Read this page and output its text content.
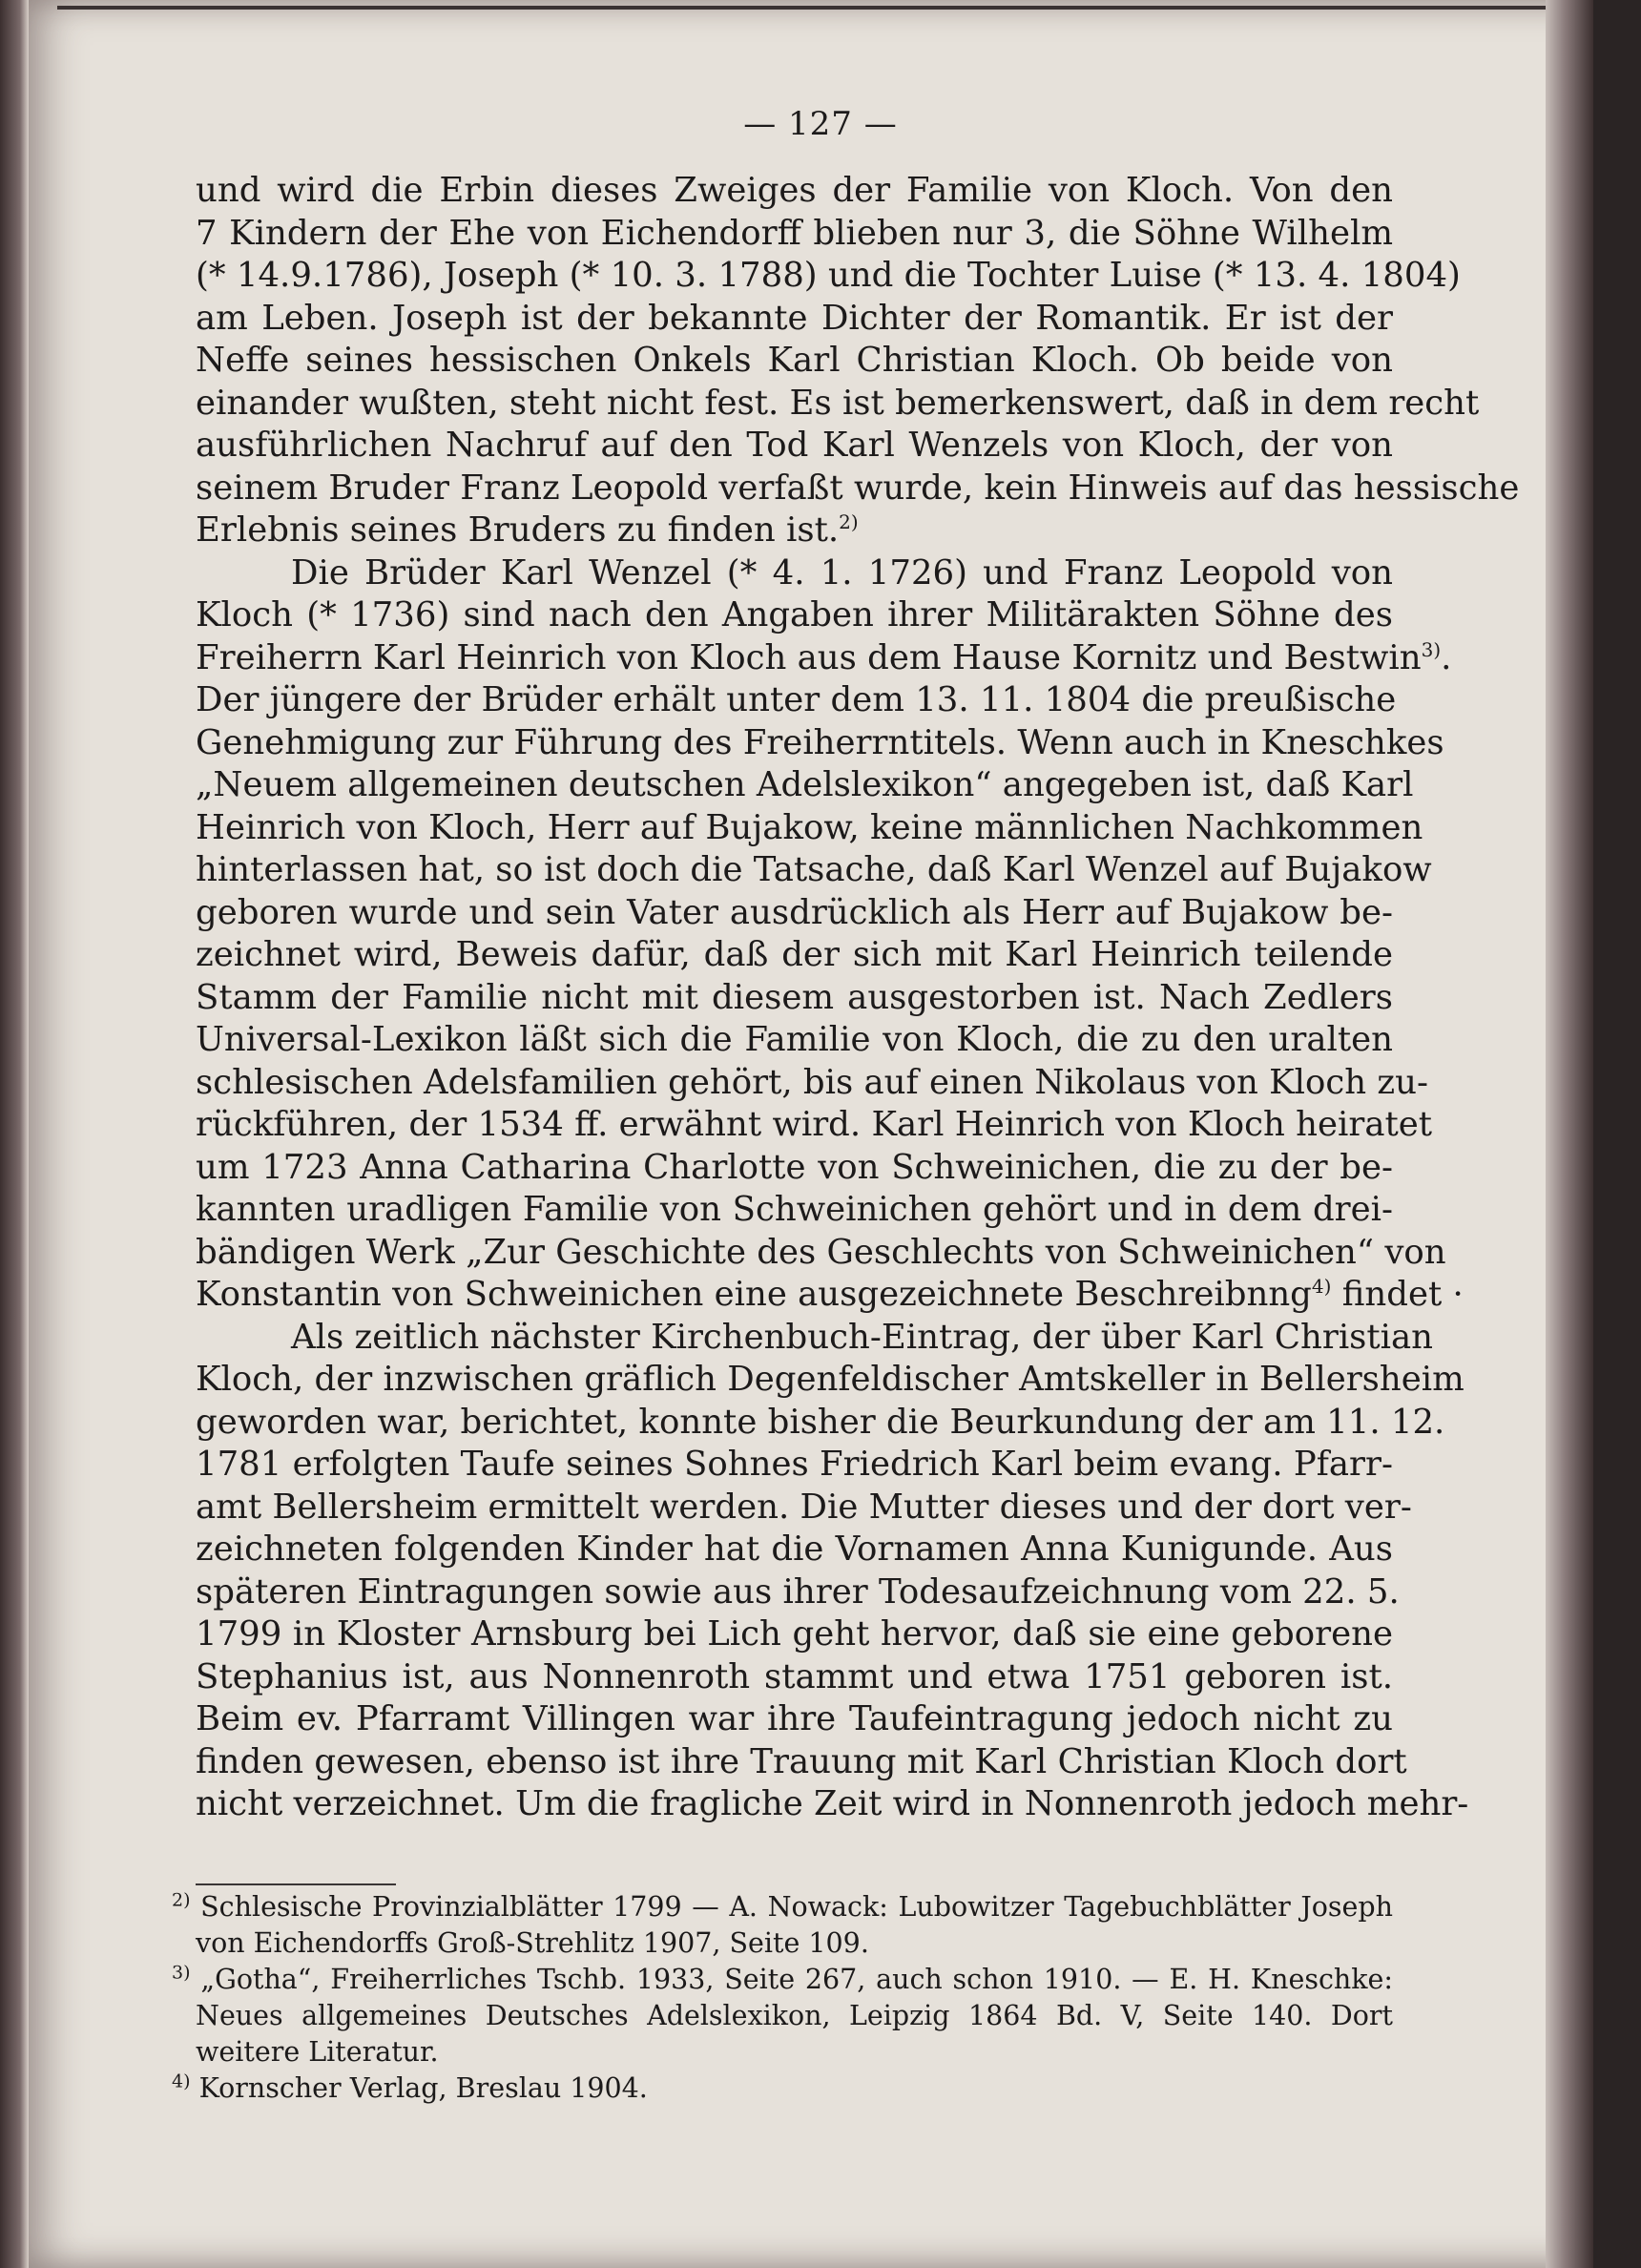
— 127 —
und wird die Erbin dieses Zweiges der Familie von Kloch. Von den
7 Kindern der Ehe von Eichendorff blieben nur 3, die Söhne Wilhelm
(* 14.9.1786), Joseph (* 10. 3. 1788) und die Tochter Luise (* 13. 4. 1804)
am Leben. Joseph ist der bekannte Dichter der Romantik. Er ist der
Neffe seines hessischen Onkels Karl Christian Kloch. Ob beide von
einander wußten, steht nicht fest. Es ist bemerkenswert, daß in dem recht
ausführlichen Nachruf auf den Tod Karl Wenzels von Kloch, der von
seinem Bruder Franz Leopold verfaßt wurde, kein Hinweis auf das hessische
Erlebnis seines Bruders zu finden ist.$^{2)}$
Die Brüder Karl Wenzel (* 4. 1. 1726) und Franz Leopold von
Kloch (* 1736) sind nach den Angaben ihrer Militärakten Söhne des
Freiherrn Karl Heinrich von Kloch aus dem Hause Kornitz und Bestwin$^{3)}$.
Der jüngere der Brüder erhält unter dem 13. 11. 1804 die preußische
Genehmigung zur Führung des Freiherrntitels. Wenn auch in Kneschkes
„Neuem allgemeinen deutschen Adelslexikon“ angegeben ist, daß Karl
Heinrich von Kloch, Herr auf Bujakow, keine männlichen Nachkommen
hinterlassen hat, so ist doch die Tatsache, daß Karl Wenzel auf Bujakow
geboren wurde und sein Vater ausdrücklich als Herr auf Bujakow be-
zeichnet wird, Beweis dafür, daß der sich mit Karl Heinrich teilende
Stamm der Familie nicht mit diesem ausgestorben ist. Nach Zedlers
Universal-Lexikon läßt sich die Familie von Kloch, die zu den uralten
schlesischen Adelsfamilien gehört, bis auf einen Nikolaus von Kloch zu-
rückführen, der 1534 ff. erwähnt wird. Karl Heinrich von Kloch heiratet
um 1723 Anna Catharina Charlotte von Schweinichen, die zu der be-
kannten uradligen Familie von Schweinichen gehört und in dem drei-
bändigen Werk „Zur Geschichte des Geschlechts von Schweinichen“ von
Konstantin von Schweinichen eine ausgezeichnete Beschreibnng$^{4)}$ findet ·
Als zeitlich nächster Kirchenbuch-Eintrag, der über Karl Christian
Kloch, der inzwischen gräflich Degenfeldischer Amtskeller in Bellersheim
geworden war, berichtet, konnte bisher die Beurkundung der am 11. 12.
1781 erfolgten Taufe seines Sohnes Friedrich Karl beim evang. Pfarr-
amt Bellersheim ermittelt werden. Die Mutter dieses und der dort ver-
zeichneten folgenden Kinder hat die Vornamen Anna Kunigunde. Aus
späteren Eintragungen sowie aus ihrer Todesaufzeichnung vom 22. 5.
1799 in Kloster Arnsburg bei Lich geht hervor, daß sie eine geborene
Stephanius ist, aus Nonnenroth stammt und etwa 1751 geboren ist.
Beim ev. Pfarramt Villingen war ihre Taufeintragung jedoch nicht zu
finden gewesen, ebenso ist ihre Trauung mit Karl Christian Kloch dort
nicht verzeichnet. Um die fragliche Zeit wird in Nonnenroth jedoch mehr-
$^{2)}$ Schlesische Provinzialblätter 1799 — A. Nowack: Lubowitzer Tagebuchblätter Joseph
von Eichendorffs Groß-Strehlitz 1907, Seite 109.
$^{3)}$ „Gotha“, Freiherrliches Tschb. 1933, Seite 267, auch schon 1910. — E. H. Kneschke:
Neues allgemeines Deutsches Adelslexikon, Leipzig 1864 Bd. V, Seite 140. Dort
weitere Literatur.
$^{4)}$ Kornscher Verlag, Breslau 1904.
